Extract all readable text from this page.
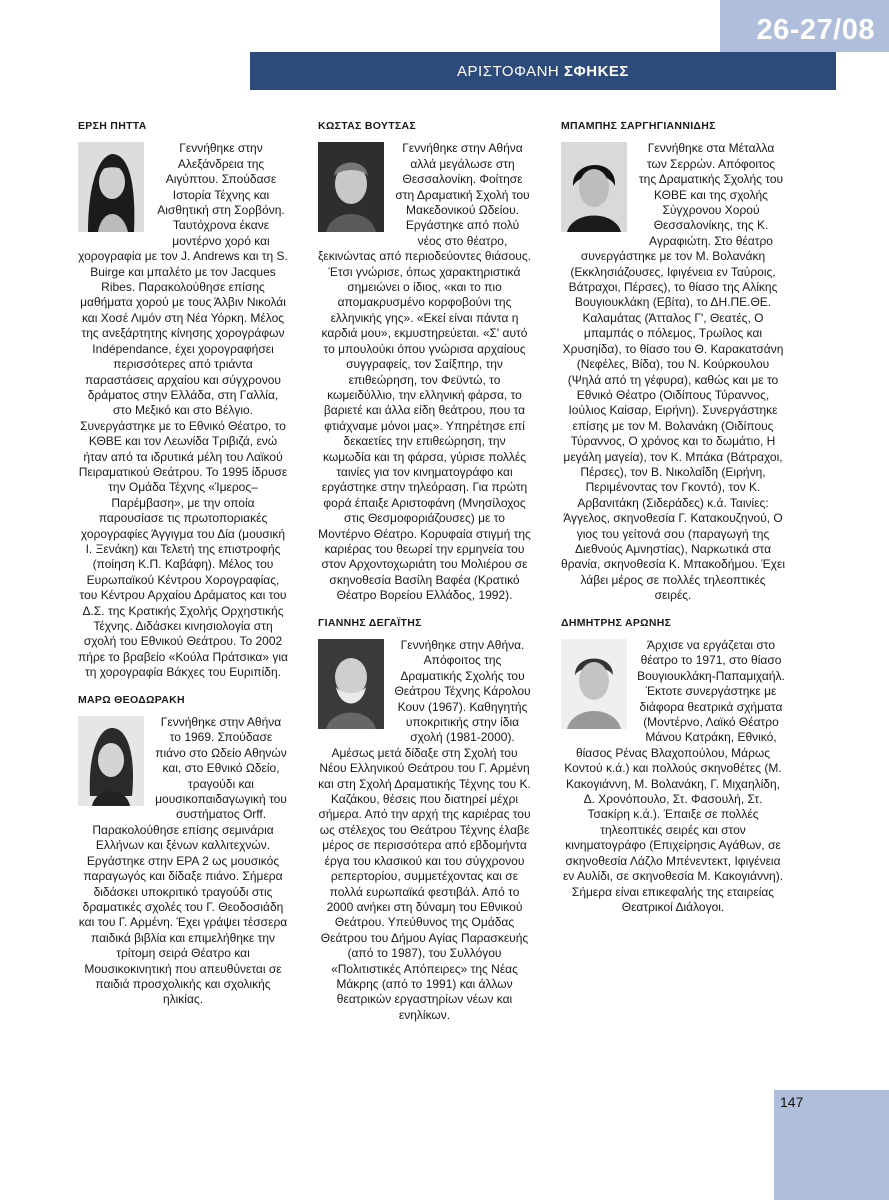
26-27/08
ΑΡΙΣΤΟΦΑΝΗ ΣΦΗΚΕΣ
ΕΡΣΗ ΠΗΤΤΑ

Γεννήθηκε στην Αλεξάνδρεια της Αιγύπτου. Σπούδασε Ιστορία Τέχνης και Αισθητική στη Σορβόνη. Ταυτόχρονα έκανε μοντέρνο χορό και χορογραφία με τον J. Andrews και τη S. Buirge και μπαλέτο με τον Jacques Ribes. Παρακολούθησε επίσης μαθήματα χορού με τους Άλβιν Νικολάι και Χοσέ Λιμόν στη Νέα Υόρκη. Μέλος της ανεξάρτητης κίνησης χορογράφων Indépendance, έχει χορογραφήσει περισσότερες από τριάντα παραστάσεις αρχαίου και σύγχρονου δράματος στην Ελλάδα, στη Γαλλία, στο Μεξικό και στο Βέλγιο. Συνεργάστηκε με το Εθνικό Θέατρο, το ΚΘΒΕ και τον Λεωνίδα Τριβιζά, ενώ ήταν από τα ιδρυτικά μέλη του Λαϊκού Πειραματικού Θεάτρου. Το 1995 ίδρυσε την Ομάδα Τέχνης «Ίμερος–Παρέμβαση», με την οποία παρουσίασε τις πρωτοποριακές χορογραφίες Άγγιγμα του Δία (μουσική Ι. Ξενάκη) και Τελετή της επιστροφής (ποίηση Κ.Π. Καβάφη). Μέλος του Ευρωπαϊκού Κέντρου Χορογραφίας, του Κέντρου Αρχαίου Δράματος και του Δ.Σ. της Κρατικής Σχολής Ορχηστικής Τέχνης. Διδάσκει κινησιολογία στη σχολή του Εθνικού Θεάτρου. Το 2002 πήρε το βραβείο «Κούλα Πράτσικα» για τη χορογραφία Βάκχες του Ευριπίδη.

ΜΑΡΩ ΘΕΟΔΩΡΑΚΗ

Γεννήθηκε στην Αθήνα το 1969. Σπούδασε πιάνο στο Ωδείο Αθηνών και, στο Εθνικό Ωδείο, τραγούδι και μουσικοπαιδαγωγική του συστήματος Orff. Παρακολούθησε επίσης σεμινάρια Ελλήνων και ξένων καλλιτεχνών. Εργάστηκε στην ΕΡΑ 2 ως μουσικός παραγωγός και δίδαξε πιάνο. Σήμερα διδάσκει υποκριτικό τραγούδι στις δραματικές σχολές του Γ. Θεοδοσιάδη και του Γ. Αρμένη. Έχει γράψει τέσσερα παιδικά βιβλία και επιμελήθηκε την τρίτομη σειρά Θέατρο και Μουσικοκινητική που απευθύνεται σε παιδιά προσχολικής και σχολικής ηλικίας.

ΚΩΣΤΑΣ ΒΟΥΤΣΑΣ

Γεννήθηκε στην Αθήνα αλλά μεγάλωσε στη Θεσσαλονίκη. Φοίτησε στη Δραματική Σχολή του Μακεδονικού Ωδείου. Εργάστηκε από πολύ νέος στο θέατρο, ξεκινώντας από περιοδεύοντες θιάσους. Έτσι γνώρισε, όπως χαρακτηριστικά σημειώνει ο ίδιος, «και το πιο απομακρυσμένο κορφοβούνι της ελληνικής γης». «Εκεί είναι πάντα η καρδιά μου», εκμυστηρεύεται. «Σ' αυτό το μπουλούκι όπου γνώρισα αρχαίους συγγραφείς, τον Σαίξπηρ, την επιθεώρηση, τον Φεϋντώ, το κωμειδύλλιο, την ελληνική φάρσα, το βαριετέ και άλλα είδη θεάτρου, που τα φτιάχναμε μόνοι μας». Υπηρέτησε επί δεκαετίες την επιθεώρηση, την κωμωδία και τη φάρσα, γύρισε πολλές ταινίες για τον κινηματογράφο και εργάστηκε στην τηλεόραση. Για πρώτη φορά έπαιξε Αριστοφάνη (Μνησίλοχος στις Θεσμοφοριάζουσες) με το Μοντέρνο Θέατρο. Κορυφαία στιγμή της καριέρας του θεωρεί την ερμηνεία του στον Αρχοντοχωριάτη του Μολιέρου σε σκηνοθεσία Βασίλη Βαφέα (Κρατικό Θέατρο Βορείου Ελλάδος, 1992).

ΓΙΑΝΝΗΣ ΔΕΓΑΪΤΗΣ

Γεννήθηκε στην Αθήνα. Απόφοιτος της Δραματικής Σχολής του Θεάτρου Τέχνης Κάρολου Κουν (1967). Καθηγητής υποκριτικής στην ίδια σχολή (1981-2000). Αμέσως μετά δίδαξε στη Σχολή του Νέου Ελληνικού Θεάτρου του Γ. Αρμένη και στη Σχολή Δραματικής Τέχνης του Κ. Καζάκου, θέσεις που διατηρεί μέχρι σήμερα. Από την αρχή της καριέρας του ως στέλεχος του Θεάτρου Τέχνης έλαβε μέρος σε περισσότερα από εβδομήντα έργα του κλασικού και του σύγχρονου ρεπερτορίου, συμμετέχοντας και σε πολλά ευρωπαϊκά φεστιβάλ. Από το 2000 ανήκει στη δύναμη του Εθνικού Θεάτρου. Υπεύθυνος της Ομάδας Θεάτρου του Δήμου Αγίας Παρασκευής (από το 1987), του Συλλόγου «Πολιτιστικές Απόπειρες» της Νέας Μάκρης (από το 1991) και άλλων θεατρικών εργαστηρίων νέων και ενηλίκων.

ΜΠΑΜΠΗΣ ΣΑΡΓΗΓΙΑΝΝΙΔΗΣ

Γεννήθηκε στα Μέταλλα των Σερρών. Απόφοιτος της Δραματικής Σχολής του ΚΘΒΕ και της σχολής Σύγχρονου Χορού Θεσσαλονίκης, της Κ. Αγραφιώτη. Στο θέατρο συνεργάστηκε με τον Μ. Βολανάκη (Εκκλησιάζουσες, Ιφιγένεια εν Ταύροις, Βάτραχοι, Πέρσες), το θίασο της Αλίκης Βουγιουκλάκη (Εβίτα), το ΔΗ.ΠΕ.ΘΕ. Καλαμάτας (Άτταλος Γ', Θεατές, Ο μπαμπάς ο πόλεμος, Τρωίλος και Χρυσηίδα), το θίασο του Θ. Καρακατσάνη (Νεφέλες, Βίδα), του Ν. Κούρκουλου (Ψηλά από τη γέφυρα), καθώς και με το Εθνικό Θέατρο (Οιδίπους Τύραννος, Ιούλιος Καίσαρ, Ειρήνη). Συνεργάστηκε επίσης με τον Μ. Βολανάκη (Οιδίπους Τύραννος, Ο χρόνος και το δωμάτιο, Η μεγάλη μαγεία), τον Κ. Μπάκα (Βάτραχοι, Πέρσες), τον Β. Νικολαΐδη (Ειρήνη, Περιμένοντας τον Γκοντό), τον Κ. Αρβανιτάκη (Σιδεράδες) κ.ά. Ταινίες: Άγγελος, σκηνοθεσία Γ. Κατακουζηνού, Ο γιος του γείτονά σου (παραγωγή της Διεθνούς Αμνηστίας), Ναρκωτικά στα θρανία, σκηνοθεσία Κ. Μπακοδήμου. Έχει λάβει μέρος σε πολλές τηλεοπτικές σειρές.

ΔΗΜΗΤΡΗΣ ΑΡΩΝΗΣ

Άρχισε να εργάζεται στο θέατρο το 1971, στο θίασο Βουγιουκλάκη-Παπαμιχαήλ. Έκτοτε συνεργάστηκε με διάφορα θεατρικά σχήματα (Μοντέρνο, Λαϊκό Θέατρο Μάνου Κατράκη, Εθνικό, θίασος Ρένας Βλαχοπούλου, Μάρως Κοντού κ.ά.) και πολλούς σκηνοθέτες (Μ. Κακογιάννη, Μ. Βολανάκη, Γ. Μιχαηλίδη, Δ. Χρονόπουλο, Στ. Φασουλή, Στ. Τσακίρη κ.ά.). Έπαιξε σε πολλές τηλεοπτικές σειρές και στον κινηματογράφο (Επιχείρησις Αγάθων, σε σκηνοθεσία Λάζλο Μπένεντεκτ, Ιφιγένεια εν Αυλίδι, σε σκηνοθεσία Μ. Κακογιάννη). Σήμερα είναι επικεφαλής της εταιρείας Θεατρικοί Διάλογοι.

147
